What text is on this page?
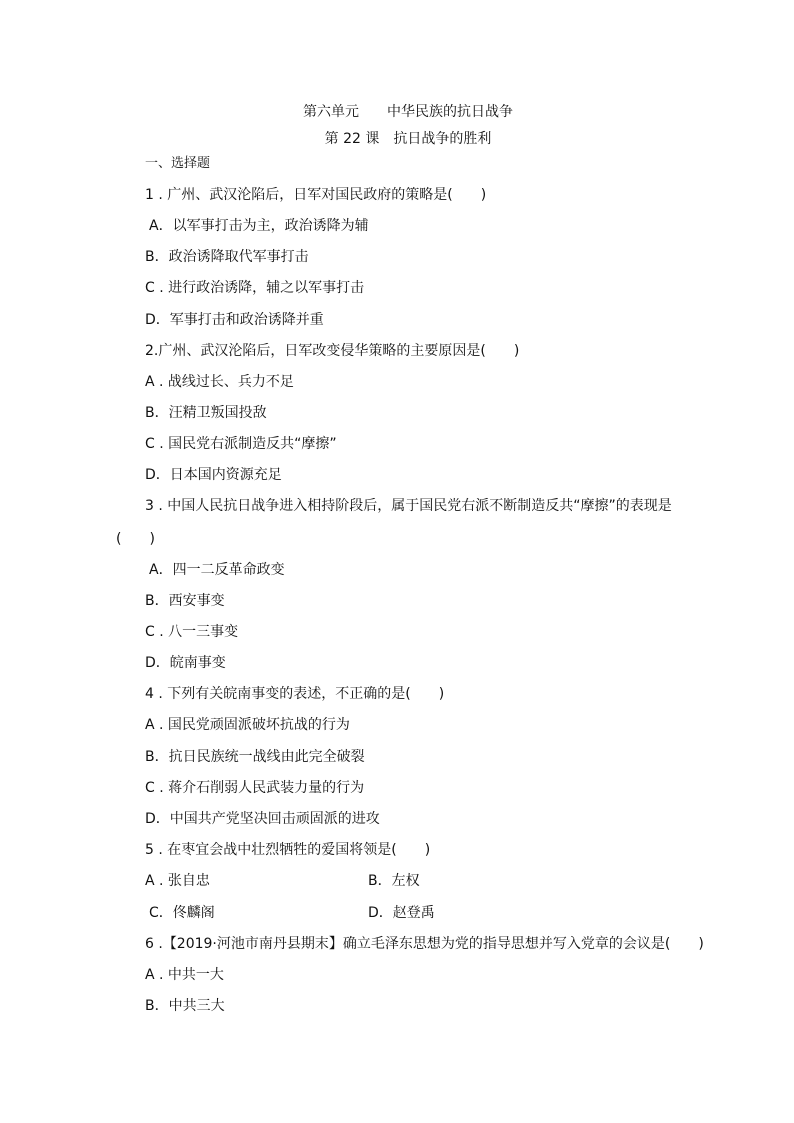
第六单元　　中华民族的抗日战争
第 22 课　抗日战争的胜利
一、选择题
1 . 广州、武汉沦陷后，日军对国民政府的策略是(　　)
A．以军事打击为主，政治诱降为辅
B．政治诱降取代军事打击
C . 进行政治诱降，辅之以军事打击
D．军事打击和政治诱降并重
2.广州、武汉沦陷后，日军改变侵华策略的主要原因是(　　)
A . 战线过长、兵力不足
B．汪精卫叛国投敌
C . 国民党右派制造反共“摩擦”
D．日本国内资源充足
3 . 中国人民抗日战争进入相持阶段后，属于国民党右派不断制造反共“摩擦”的表现是
(　　)
A．四一二反革命政变
B．西安事变
C . 八一三事变
D．皖南事变
4 . 下列有关皖南事变的表述，不正确的是(　　)
A . 国民党顽固派破坏抗战的行为
B．抗日民族统一战线由此完全破裂
C . 蒋介石削弱人民武装力量的行为
D．中国共产党坚决回击顽固派的进攻
5 . 在枣宜会战中壮烈牺牲的爱国将领是(　　)
A . 张自忠	B．左权
C．佟麟阁	D．赵登禹
6 .【2019·河池市南丹县期末】确立毛泽东思想为党的指导思想并写入党章的会议是(　　)
A . 中共一大
B．中共三大
